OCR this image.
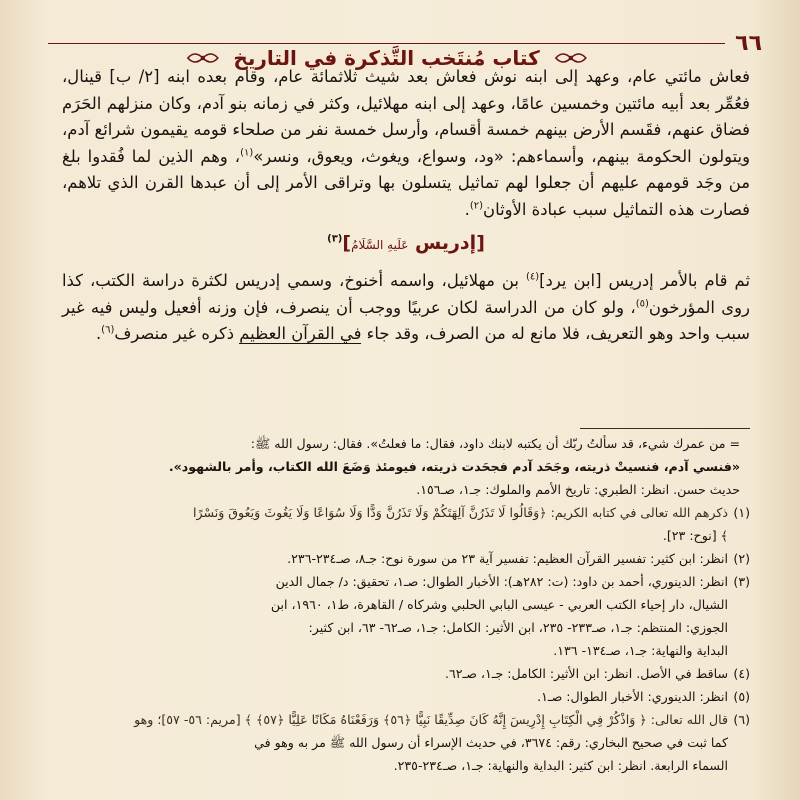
٦٦
كتاب مُنتَخب التَّذكرة في التاريخ

فعاش مائتي عام، وعهد إلى ابنه نوش فعاش بعد شيث ثلاثمائة عام، وقام بعده ابنه [٢/ ب] قينال، فعُمِّر بعد أبيه مائتين وخمسين عامًا، وعهد إلى ابنه مهلائيل، وكثر في زمانه بنو آدم، وكان منزلهم الحَرَم فضاق عنهم، فقَسم الأرض بينهم خمسة أقسام، وأرسل خمسة نفر من صلحاء قومه يقيمون شرائع آدم، ويتولون الحكومة بينهم، وأسماءهم: «ود، وسواع، ويغوث، ويعوق، ونسر»$^{(١)}$، وهم الذين لما فُقدوا بلغ من وجَد قومهم عليهم أن جعلوا لهم تماثيل يتسلون بها وتراقى الأمر إلى أن عبدها القرن الذي تلاهم، فصارت هذه التماثيل سبب عبادة الأوثان$^{(٢)}$.

[إدريس عَلَيهِ السَّلَامُ]$^{(٣)}$

ثم قام بالأمر إدريس [ابن يرد]$^{(٤)}$ بن مهلائيل، واسمه أخنوخ، وسمي إدريس لكثرة دراسة الكتب، كذا روى المؤرخون$^{(٥)}$، ولو كان من الدراسة لكان عربيًا ووجب أن ينصرف، فإن وزنه أفعيل وليس فيه غير سبب واحد وهو التعريف، فلا مانع له من الصرف، وقد جاء في القرآن العظيم ذكره غير منصرف$^{(٦)}$.

= من عمرك شيء، قد سألتُ ربّك أن يكتبه لابنك داود، فقال: ما فعلتُ». فقال: رسول الله ﷺ:
«فنسي آدم، فنسيتْ ذريته، وجَحَد آدم فجحَدت ذريته، فيومئذ وَضَعَ الله الكتاب، وأمر بالشهود».
حديث حسن. انظر: الطبري: تاريخ الأمم والملوك: جـ١، صـ١٥٦.
(١)
ذكرهم الله تعالى في كتابه الكريم: ﴿وَقَالُوا لَا تَذَرُنَّ آلِهَتَكُمْ وَلَا تَذَرُنَّ وَدًّا وَلَا سُوَاعًا وَلَا يَغُوثَ وَيَعُوقَ وَنَسْرًا
﴾ [نوح: ٢٣].
(٢)
انظر: ابن كثير: تفسير القرآن العظيم: تفسير آية ٢٣ من سورة نوح: جـ٨، صـ٢٣٤-٢٣٦.
(٣)
انظر: الدينوري، أحمد بن داود: (ت: ٢٨٢هـ): الأخبار الطوال: صـ١، تحقيق: د/ جمال الدين
الشيال، دار إحياء الكتب العربي - عيسى البابي الحلبي وشركاه / القاهرة، ط١، ١٩٦٠، ابن
الجوزي: المنتظم: جـ١، صـ٢٣٣- ٢٣٥، ابن الأثير: الكامل: جـ١، صـ٦٢- ٦٣، ابن كثير:
البداية والنهاية: جـ١، صـ١٣٤- ١٣٦.
(٤)
ساقط في الأصل. انظر: ابن الأثير: الكامل: جـ١، صـ٦٢.
(٥)
انظر: الدينوري: الأخبار الطوال: صـ١.
(٦)
قال الله تعالى: ﴿ وَاذْكُرْ فِي الْكِتَابِ إِدْرِيسَ إِنَّهُ كَانَ صِدِّيقًا نَبِيًّا ﴿٥٦﴾ وَرَفَعْنَاهُ مَكَانًا عَلِيًّا ﴿٥٧﴾ ﴾ [مريم: ٥٦- ٥٧]؛ وهو
كما ثبت في صحيح البخاري: رقم: ٣٦٧٤، في حديث الإسراء أن رسول الله ﷺ مر به وهو في
السماء الرابعة. انظر: ابن كثير: البداية والنهاية: جـ١، صـ٢٣٤-٢٣٥.
